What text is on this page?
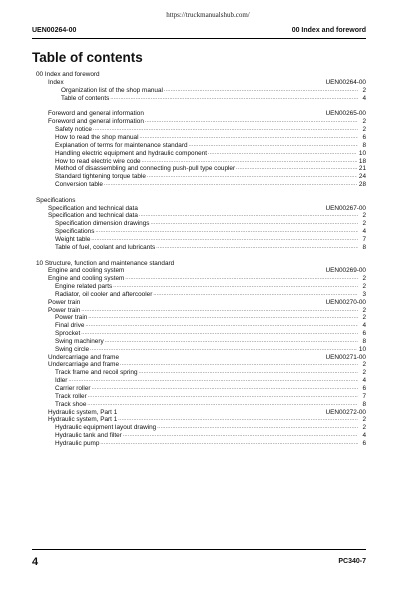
https://truckmanualshub.com/
UEN00264-00	00 Index and foreword
Table of contents
00 Index and foreword
Index	UEN00264-00
Organization list of the shop manual .....	2
Table of contents .....	4
Foreword and general information	UEN00265-00
Foreword and general information .....	2
Safety notice .....	2
How to read the shop manual .....	6
Explanation of terms for maintenance standard .....	8
Handling electric equipment and hydraulic component .....	10
How to read electric wire code .....	18
Method of disassembling and connecting push-pull type coupler .....	21
Standard tightening torque table .....	24
Conversion table .....	28
Specifications
Specification and technical data	UEN00267-00
Specification and technical data .....	2
Specification dimension drawings .....	2
Specifications .....	4
Weight table .....	7
Table of fuel, coolant and lubricants .....	8
10 Structure, function and maintenance standard
Engine and cooling system	UEN00269-00
Engine and cooling system .....	2
Engine related parts .....	2
Radiator, oil cooler and aftercooler .....	3
Power train	UEN00270-00
Power train .....	2
Power train .....	2
Final drive .....	4
Sprocket .....	6
Swing machinery .....	8
Swing circle .....	10
Undercarriage and frame	UEN00271-00
Undercarriage and frame .....	2
Track frame and recoil spring .....	2
Idler .....	4
Carrier roller .....	6
Track roller .....	7
Track shoe .....	8
Hydraulic system, Part 1	UEN00272-00
Hydraulic system, Part 1 .....	2
Hydraulic equipment layout drawing .....	2
Hydraulic tank and filter .....	4
Hydraulic pump .....	6
4	PC340-7
